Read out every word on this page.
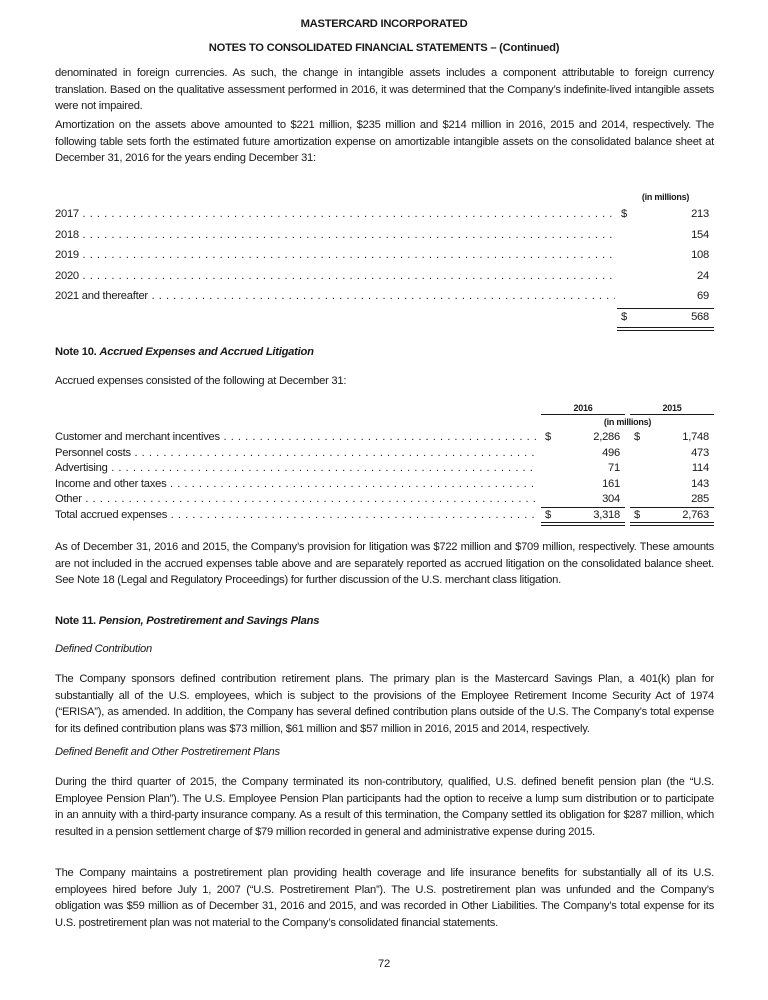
MASTERCARD INCORPORATED
NOTES TO CONSOLIDATED FINANCIAL STATEMENTS – (Continued)
denominated in foreign currencies. As such, the change in intangible assets includes a component attributable to foreign currency translation. Based on the qualitative assessment performed in 2016, it was determined that the Company’s indefinite-lived intangible assets were not impaired.
Amortization on the assets above amounted to $221 million, $235 million and $214 million in 2016, 2015 and 2014, respectively. The following table sets forth the estimated future amortization expense on amortizable intangible assets on the consolidated balance sheet at December 31, 2016 for the years ending December 31:
(in millions)
2017 . . .	$	213
2018 . . .	154
2019 . . .	108
2020 . . .	24
2021 and thereafter . . .	69
$	568
Note 10. Accrued Expenses and Accrued Litigation
Accrued expenses consisted of the following at December 31:
2016	2015
(in millions)
Customer and merchant incentives . . .	$	2,286 $	1,748
Personnel costs . . .	496	473
Advertising . . .	71	114
Income and other taxes . . .	161	143
Other . . .	304	285
Total accrued expenses . . .	$	3,318 $	2,763
As of December 31, 2016 and 2015, the Company’s provision for litigation was $722 million and $709 million, respectively. These amounts are not included in the accrued expenses table above and are separately reported as accrued litigation on the consolidated balance sheet. See Note 18 (Legal and Regulatory Proceedings) for further discussion of the U.S. merchant class litigation.
Note 11. Pension, Postretirement and Savings Plans
Defined Contribution
The Company sponsors defined contribution retirement plans. The primary plan is the Mastercard Savings Plan, a 401(k) plan for substantially all of the U.S. employees, which is subject to the provisions of the Employee Retirement Income Security Act of 1974 (“ERISA”), as amended. In addition, the Company has several defined contribution plans outside of the U.S. The Company’s total expense for its defined contribution plans was $73 million, $61 million and $57 million in 2016, 2015 and 2014, respectively.
Defined Benefit and Other Postretirement Plans
During the third quarter of 2015, the Company terminated its non-contributory, qualified, U.S. defined benefit pension plan (the “U.S. Employee Pension Plan”). The U.S. Employee Pension Plan participants had the option to receive a lump sum distribution or to participate in an annuity with a third-party insurance company. As a result of this termination, the Company settled its obligation for $287 million, which resulted in a pension settlement charge of $79 million recorded in general and administrative expense during 2015.
The Company maintains a postretirement plan providing health coverage and life insurance benefits for substantially all of its U.S. employees hired before July 1, 2007 (“U.S. Postretirement Plan”). The U.S. postretirement plan was unfunded and the Company’s obligation was $59 million as of December 31, 2016 and 2015, and was recorded in Other Liabilities. The Company’s total expense for its U.S. postretirement plan was not material to the Company’s consolidated financial statements.
72
